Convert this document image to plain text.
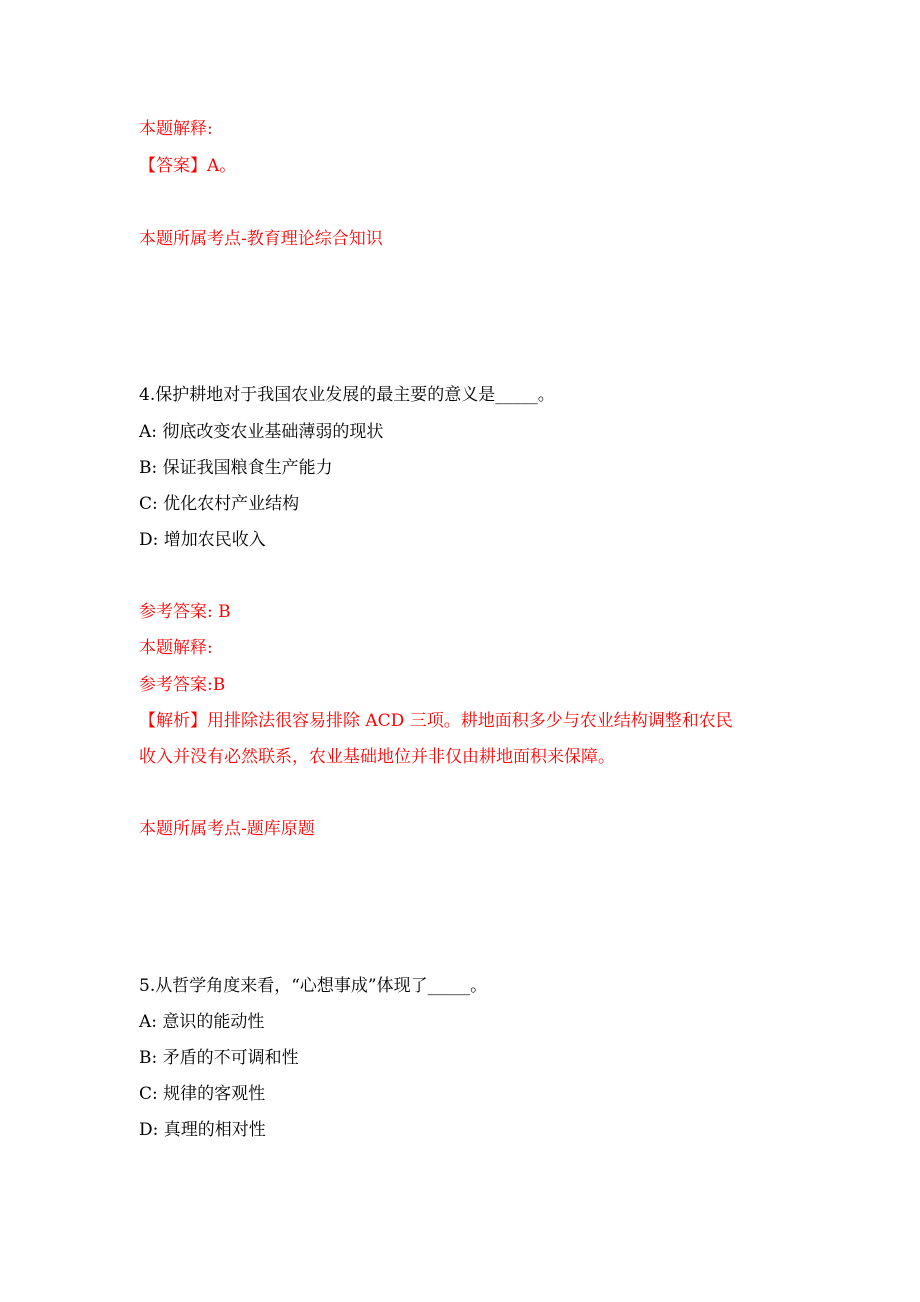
本题解释:
【答案】A。
本题所属考点-教育理论综合知识
4.保护耕地对于我国农业发展的最主要的意义是_____。
A: 彻底改变农业基础薄弱的现状
B: 保证我国粮食生产能力
C: 优化农村产业结构
D: 增加农民收入
参考答案: B
本题解释:
参考答案:B
【解析】用排除法很容易排除 ACD 三项。耕地面积多少与农业结构调整和农民
收入并没有必然联系，农业基础地位并非仅由耕地面积来保障。
本题所属考点-题库原题
5.从哲学角度来看，“心想事成”体现了_____。
A: 意识的能动性
B: 矛盾的不可调和性
C: 规律的客观性
D: 真理的相对性
